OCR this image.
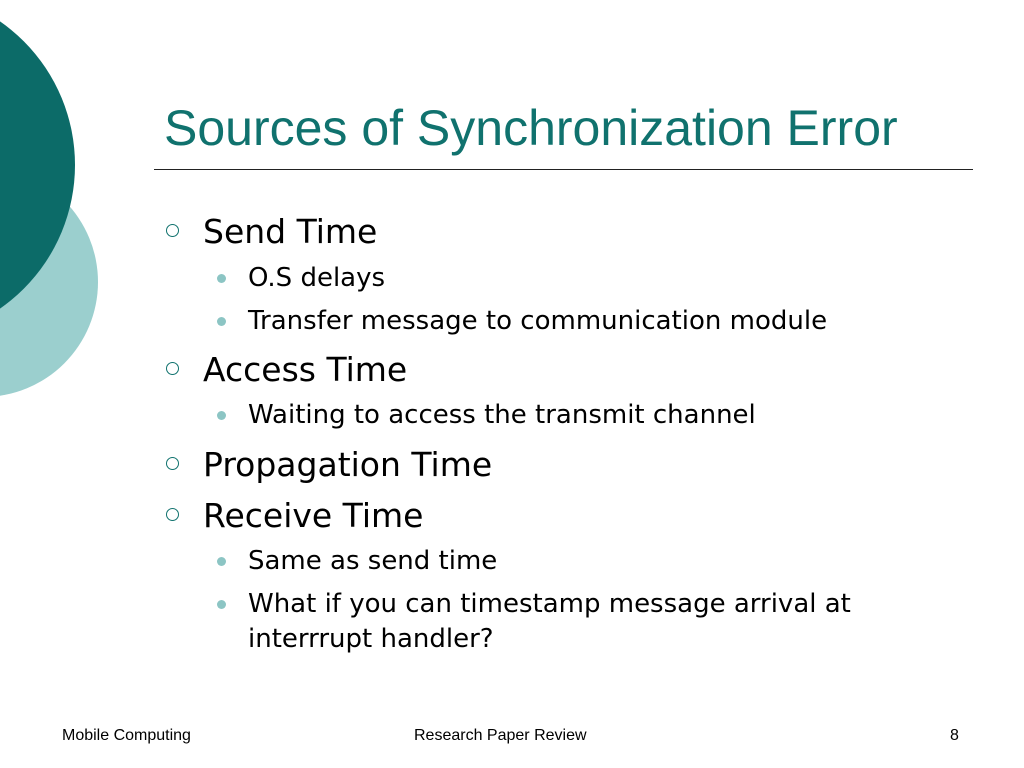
Sources of Synchronization Error
Send Time
O.S delays
Transfer message to communication module
Access Time
Waiting to access the transmit channel
Propagation Time
Receive Time
Same as send time
What if you can timestamp message arrival at interrrupt handler?
Mobile Computing	Research Paper Review	8
